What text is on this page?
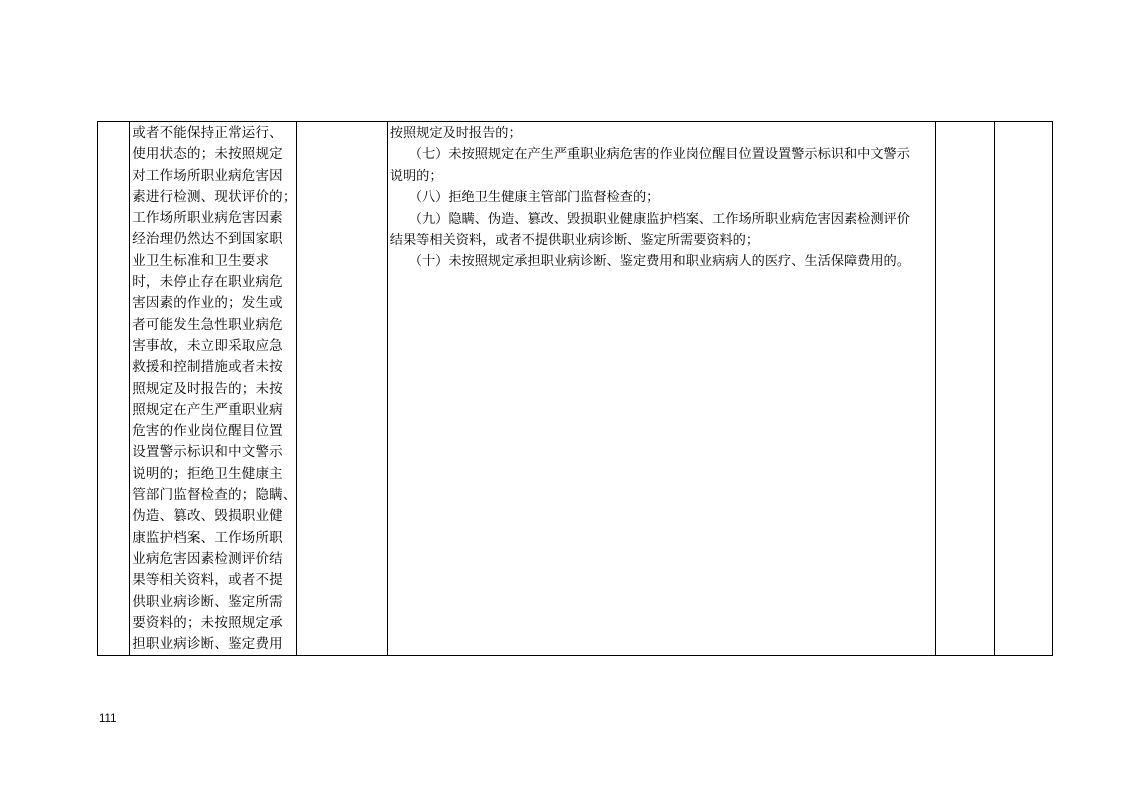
或者不能保持正常运行、
使用状态的；未按照规定
对工作场所职业病危害因
素进行检测、现状评价的；
工作场所职业病危害因素
经治理仍然达不到国家职
业卫生标准和卫生要求
时，未停止存在职业病危
害因素的作业的；发生或
者可能发生急性职业病危
害事故，未立即采取应急
救援和控制措施或者未按
照规定及时报告的；未按
照规定在产生严重职业病
危害的作业岗位醒目位置
设置警示标识和中文警示
说明的；拒绝卫生健康主
管部门监督检查的；隐瞒、
伪造、篡改、毁损职业健
康监护档案、工作场所职
业病危害因素检测评价结
果等相关资料，或者不提
供职业病诊断、鉴定所需
要资料的；未按照规定承
担职业病诊断、鉴定费用

按照规定及时报告的；
（七）未按照规定在产生严重职业病危害的作业岗位醒目位置设置警示标识和中文警示
说明的；
（八）拒绝卫生健康主管部门监督检查的；
（九）隐瞒、伪造、篡改、毁损职业健康监护档案、工作场所职业病危害因素检测评价
结果等相关资料，或者不提供职业病诊断、鉴定所需要资料的；
（十）未按照规定承担职业病诊断、鉴定费用和职业病病人的医疗、生活保障费用的。

111
